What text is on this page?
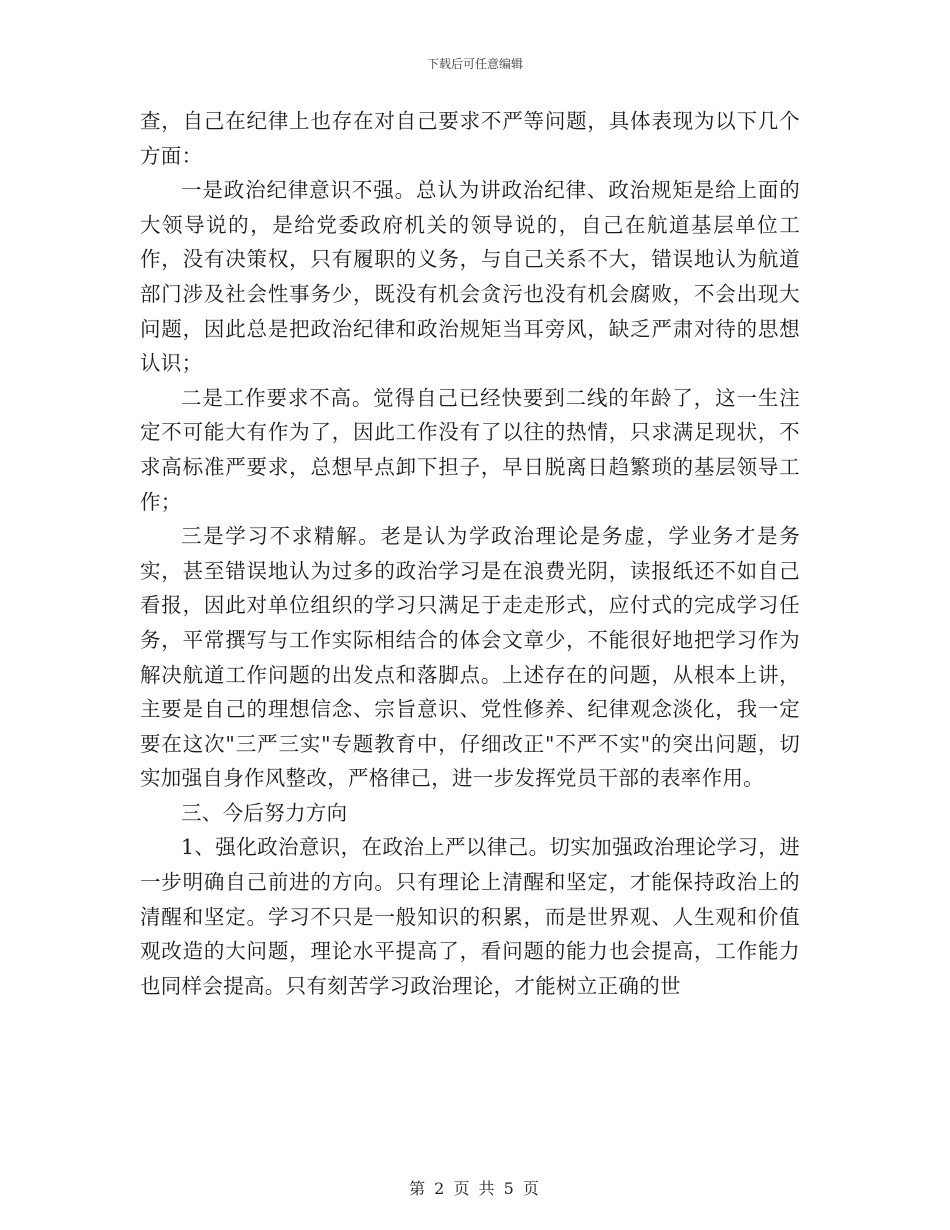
下载后可任意编辑

查，自己在纪律上也存在对自己要求不严等问题，具体表现为以下几个方面：

一是政治纪律意识不强。总认为讲政治纪律、政治规矩是给上面的大领导说的，是给党委政府机关的领导说的，自己在航道基层单位工作，没有决策权，只有履职的义务，与自己关系不大，错误地认为航道部门涉及社会性事务少，既没有机会贪污也没有机会腐败，不会出现大问题，因此总是把政治纪律和政治规矩当耳旁风，缺乏严肃对待的思想认识；

二是工作要求不高。觉得自己已经快要到二线的年龄了，这一生注定不可能大有作为了，因此工作没有了以往的热情，只求满足现状，不求高标准严要求，总想早点卸下担子，早日脱离日趋繁琐的基层领导工作；

三是学习不求精解。老是认为学政治理论是务虚，学业务才是务实，甚至错误地认为过多的政治学习是在浪费光阴，读报纸还不如自己看报，因此对单位组织的学习只满足于走走形式，应付式的完成学习任务，平常撰写与工作实际相结合的体会文章少，不能很好地把学习作为解决航道工作问题的出发点和落脚点。上述存在的问题，从根本上讲，主要是自己的理想信念、宗旨意识、党性修养、纪律观念淡化，我一定要在这次"三严三实"专题教育中，仔细改正"不严不实"的突出问题，切实加强自身作风整改，严格律己，进一步发挥党员干部的表率作用。

三、今后努力方向

1、强化政治意识，在政治上严以律己。切实加强政治理论学习，进一步明确自己前进的方向。只有理论上清醒和坚定，才能保持政治上的清醒和坚定。学习不只是一般知识的积累，而是世界观、人生观和价值观改造的大问题，理论水平提高了，看问题的能力也会提高，工作能力也同样会提高。只有刻苦学习政治理论，才能树立正确的世

第 2 页 共 5 页
